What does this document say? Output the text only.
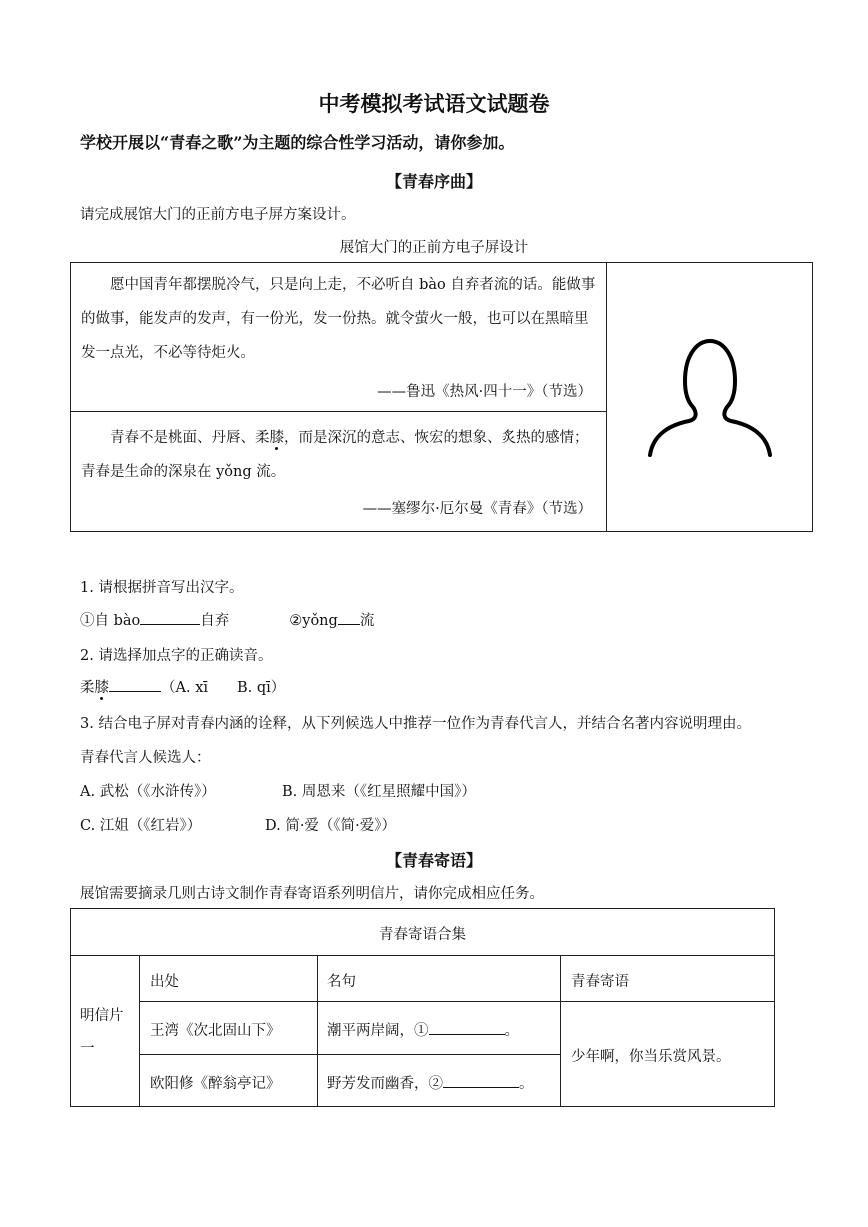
中考模拟考试语文试题卷
学校开展以“青春之歌”为主题的综合性学习活动，请你参加。
【青春序曲】
请完成展馆大门的正前方电子屏方案设计。
展馆大门的正前方电子屏设计
愿中国青年都摆脱冷气，只是向上走，不必听自 bào 自弃者流的话。能做事的做事，能发声的发声，有一份光，发一份热。就令萤火一般，也可以在黑暗里发一点光，不必等待炬火。
——鲁迅《热风·四十一》（节选）
青春不是桃面、丹唇、柔膝，而是深沉的意志、恢宏的想象、炙热的感情；青春是生命的深泉在 yǒng 流。
——塞缪尔·厄尔曼《青春》（节选）
1. 请根据拼音写出汉字。
①自 bào	自弃	②yǒng 流
2. 请选择加点字的正确读音。
柔膝	（A. xī　　B. qī）
3. 结合电子屏对青春内涵的诠释，从下列候选人中推荐一位作为青春代言人，并结合名著内容说明理由。
青春代言人候选人：
A. 武松（《水浒传》）	B. 周恩来（《红星照耀中国》）
C. 江姐（《红岩》）	D. 简·爱（《简·爱》）
【青春寄语】
展馆需要摘录几则古诗文制作青春寄语系列明信片，请你完成相应任务。
青春寄语合集
明信片
一
出处	名句	青春寄语
王湾《次北固山下》	潮平两岸阔，①	。
欧阳修《醉翁亭记》	野芳发而幽香，②	。
少年啊，你当乐赏风景。
